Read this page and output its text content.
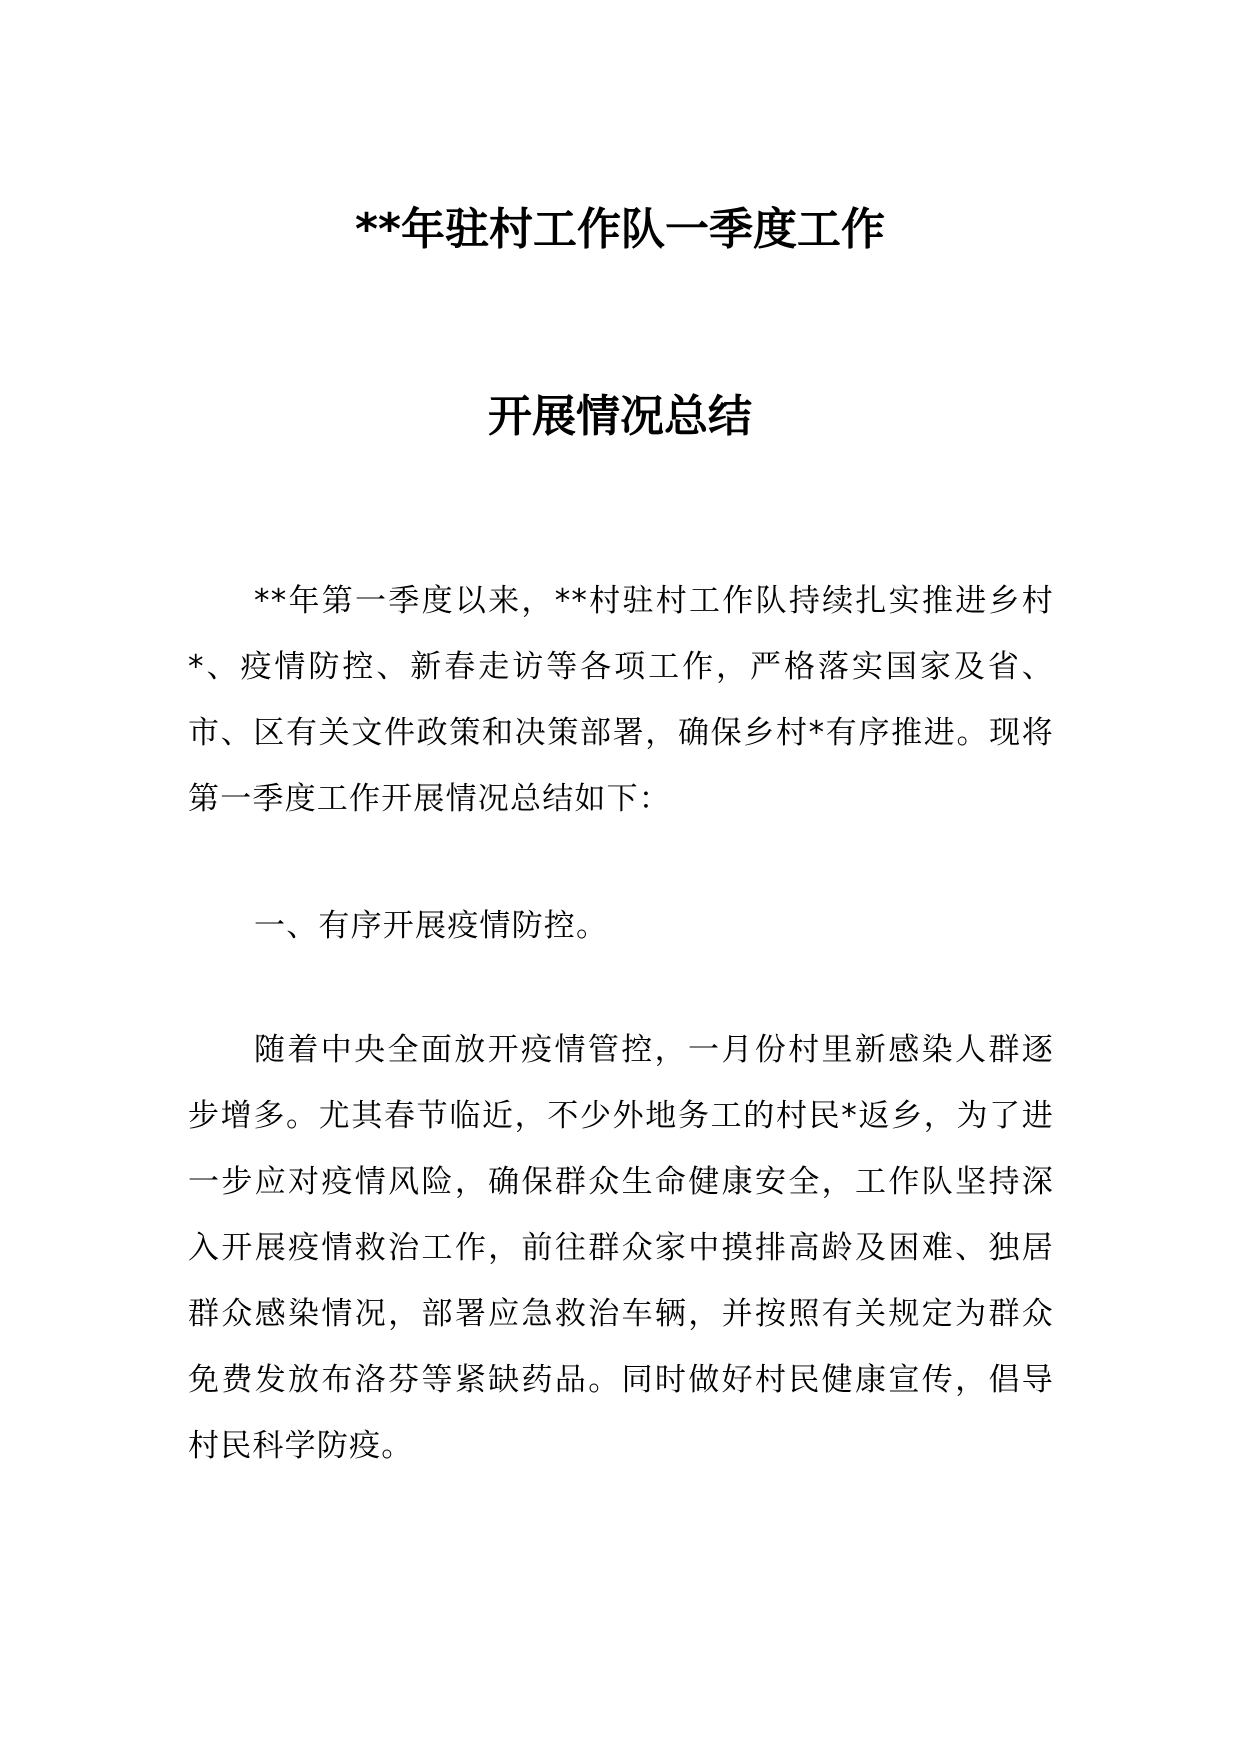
**年驻村工作队一季度工作
开展情况总结

**年第一季度以来，**村驻村工作队持续扎实推进乡村*、疫情防控、新春走访等各项工作，严格落实国家及省、市、区有关文件政策和决策部署，确保乡村*有序推进。现将第一季度工作开展情况总结如下：

一、有序开展疫情防控。

随着中央全面放开疫情管控，一月份村里新感染人群逐步增多。尤其春节临近，不少外地务工的村民*返乡，为了进一步应对疫情风险，确保群众生命健康安全，工作队坚持深入开展疫情救治工作，前往群众家中摸排高龄及困难、独居群众感染情况，部署应急救治车辆，并按照有关规定为群众免费发放布洛芬等紧缺药品。同时做好村民健康宣传，倡导村民科学防疫。
